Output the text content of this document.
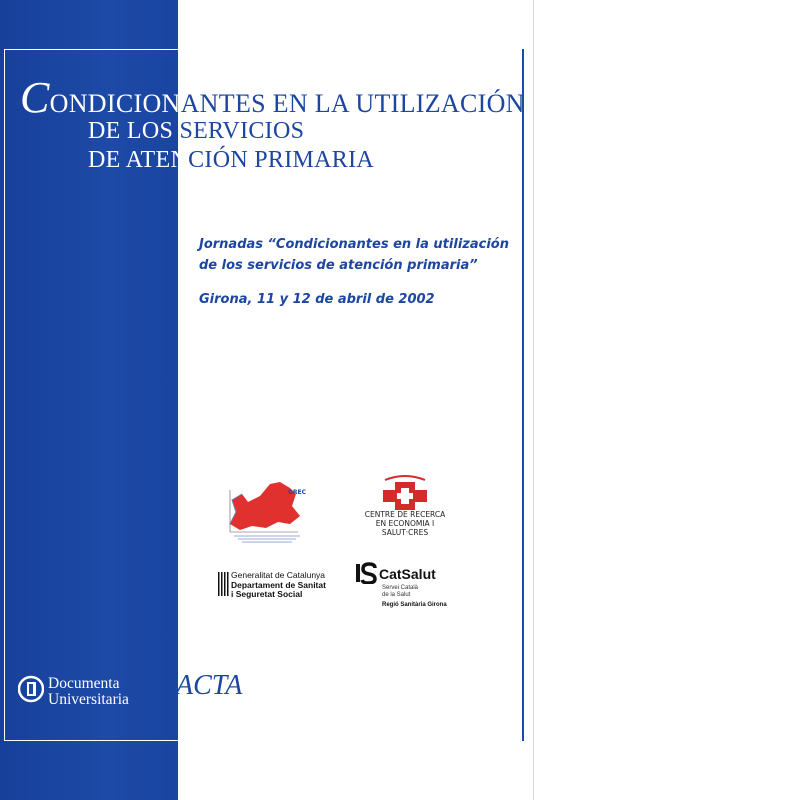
CONDICIONANTES EN LA UTILIZACIÓN
DE LOS SERVICIOS
DE ATENCIÓN PRIMARIA
Jornadas “Condicionantes en la utilización
de los servicios de atención primaria”
Girona, 11 y 12 de abril de 2002
GREC
CENTRE DE RECERCA
EN ECONOMIA I SALUT·CRES
Generalitat de Catalunya
Departament de Sanitat
i Seguretat Social
CatSalut
Servei Català
de la Salut
Regió Sanitària Girona
Documenta
Universitaria ACTA
